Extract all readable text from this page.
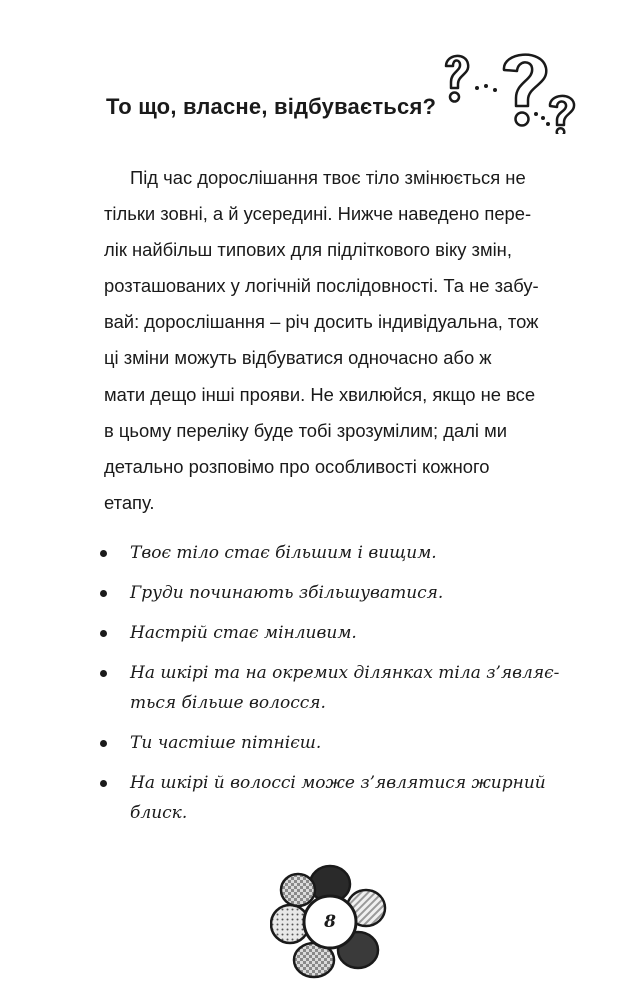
То що, власне, відбувається?
Під час дорослішання твоє тіло змінюється не
тільки зовні, а й усередині. Нижче наведено пере-
лік найбільш типових для підліткового віку змін,
розташованих у логічній послідовності. Та не забу-
вай: дорослішання – річ досить індивідуальна, тож
ці зміни можуть відбуватися одночасно або ж
мати дещо інші прояви. Не хвилюйся, якщо не все
в цьому переліку буде тобі зрозумілим; далі ми
детально розповімо про особливості кожного
етапу.
Твоє тіло стає більшим і вищим.
Груди починають збільшуватися.
Настрій стає мінливим.
На шкірі та на окремих ділянках тіла з’являє-
ться більше волосся.
Ти частіше пітнієш.
На шкірі й волоссі може з’являтися жирний
блиск.
8
